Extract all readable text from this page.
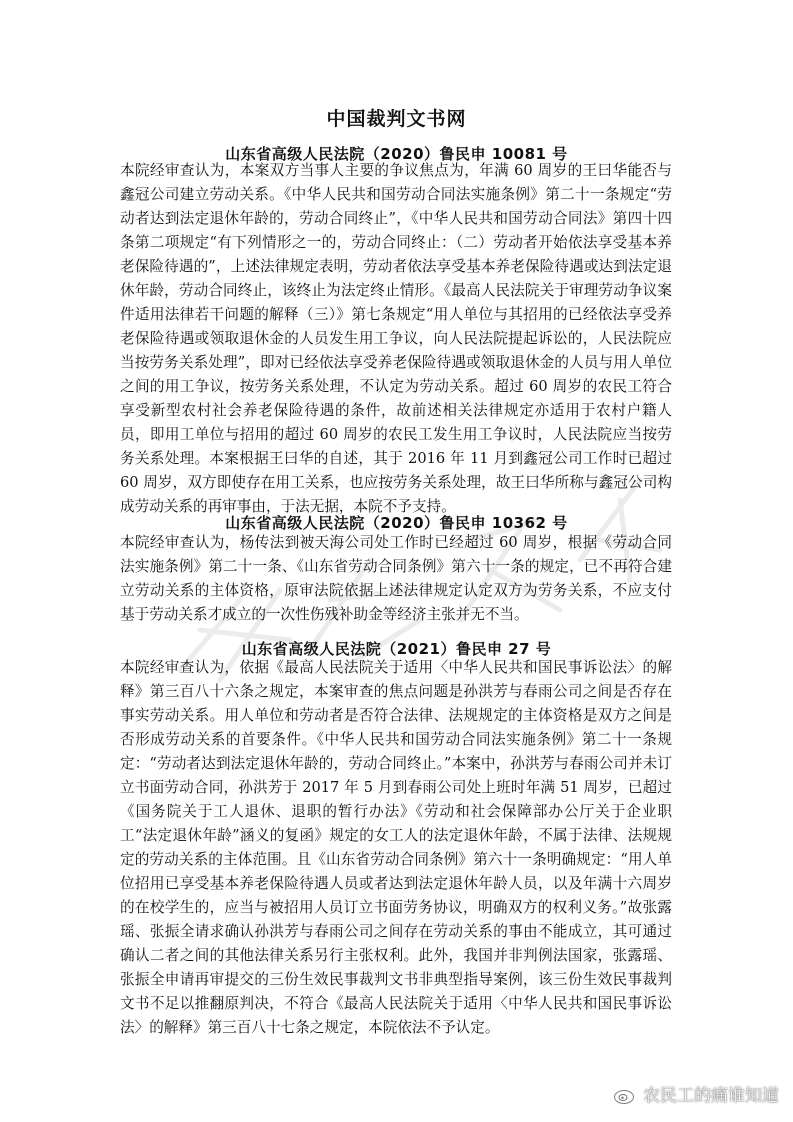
中国裁判文书网
山东省高级人民法院（2020）鲁民申 10081 号
本院经审查认为，本案双方当事人主要的争议焦点为，年满 60 周岁的王曰华能否与鑫冠公司建立劳动关系。《中华人民共和国劳动合同法实施条例》第二十一条规定“劳动者达到法定退休年龄的，劳动合同终止”，《中华人民共和国劳动合同法》第四十四条第二项规定“有下列情形之一的，劳动合同终止：（二）劳动者开始依法享受基本养老保险待遇的”，上述法律规定表明，劳动者依法享受基本养老保险待遇或达到法定退休年龄，劳动合同终止，该终止为法定终止情形。《最高人民法院关于审理劳动争议案件适用法律若干问题的解释（三）》第七条规定“用人单位与其招用的已经依法享受养老保险待遇或领取退休金的人员发生用工争议，向人民法院提起诉讼的，人民法院应当按劳务关系处理”，即对已经依法享受养老保险待遇或领取退休金的人员与用人单位之间的用工争议，按劳务关系处理，不认定为劳动关系。超过 60 周岁的农民工符合享受新型农村社会养老保险待遇的条件，故前述相关法律规定亦适用于农村户籍人员，即用工单位与招用的超过 60 周岁的农民工发生用工争议时，人民法院应当按劳务关系处理。本案根据王曰华的自述，其于 2016 年 11 月到鑫冠公司工作时已超过 60 周岁，双方即使存在用工关系，也应按劳务关系处理，故王曰华所称与鑫冠公司构成劳动关系的再审事由，于法无据，本院不予支持。
山东省高级人民法院（2020）鲁民申 10362 号
本院经审查认为，杨传法到被天海公司处工作时已经超过 60 周岁，根据《劳动合同法实施条例》第二十一条、《山东省劳动合同条例》第六十一条的规定，已不再符合建立劳动关系的主体资格，原审法院依据上述法律规定认定双方为劳务关系，不应支付基于劳动关系才成立的一次性伤残补助金等经济主张并无不当。
山东省高级人民法院（2021）鲁民申 27 号
本院经审查认为，依据《最高人民法院关于适用〈中华人民共和国民事诉讼法〉的解释》第三百八十六条之规定，本案审查的焦点问题是孙洪芳与春雨公司之间是否存在事实劳动关系。用人单位和劳动者是否符合法律、法规规定的主体资格是双方之间是否形成劳动关系的首要条件。《中华人民共和国劳动合同法实施条例》第二十一条规定：“劳动者达到法定退休年龄的，劳动合同终止。”本案中，孙洪芳与春雨公司并未订立书面劳动合同，孙洪芳于 2017 年 5 月到春雨公司处上班时年满 51 周岁，已超过《国务院关于工人退休、退职的暂行办法》《劳动和社会保障部办公厅关于企业职工“法定退休年龄”涵义的复函》规定的女工人的法定退休年龄，不属于法律、法规规定的劳动关系的主体范围。且《山东省劳动合同条例》第六十一条明确规定：“用人单位招用已享受基本养老保险待遇人员或者达到法定退休年龄人员，以及年满十六周岁的在校学生的，应当与被招用人员订立书面劳务协议，明确双方的权利义务。”故张露瑶、张振全请求确认孙洪芳与春雨公司之间存在劳动关系的事由不能成立，其可通过确认二者之间的其他法律关系另行主张权利。此外，我国并非判例法国家，张露瑶、张振全申请再审提交的三份生效民事裁判文书非典型指导案例，该三份生效民事裁判文书不足以推翻原判决，不符合《最高人民法院关于适用〈中华人民共和国民事诉讼法〉的解释》第三百八十七条之规定，本院依法不予认定。
农民工的痛谁知道
